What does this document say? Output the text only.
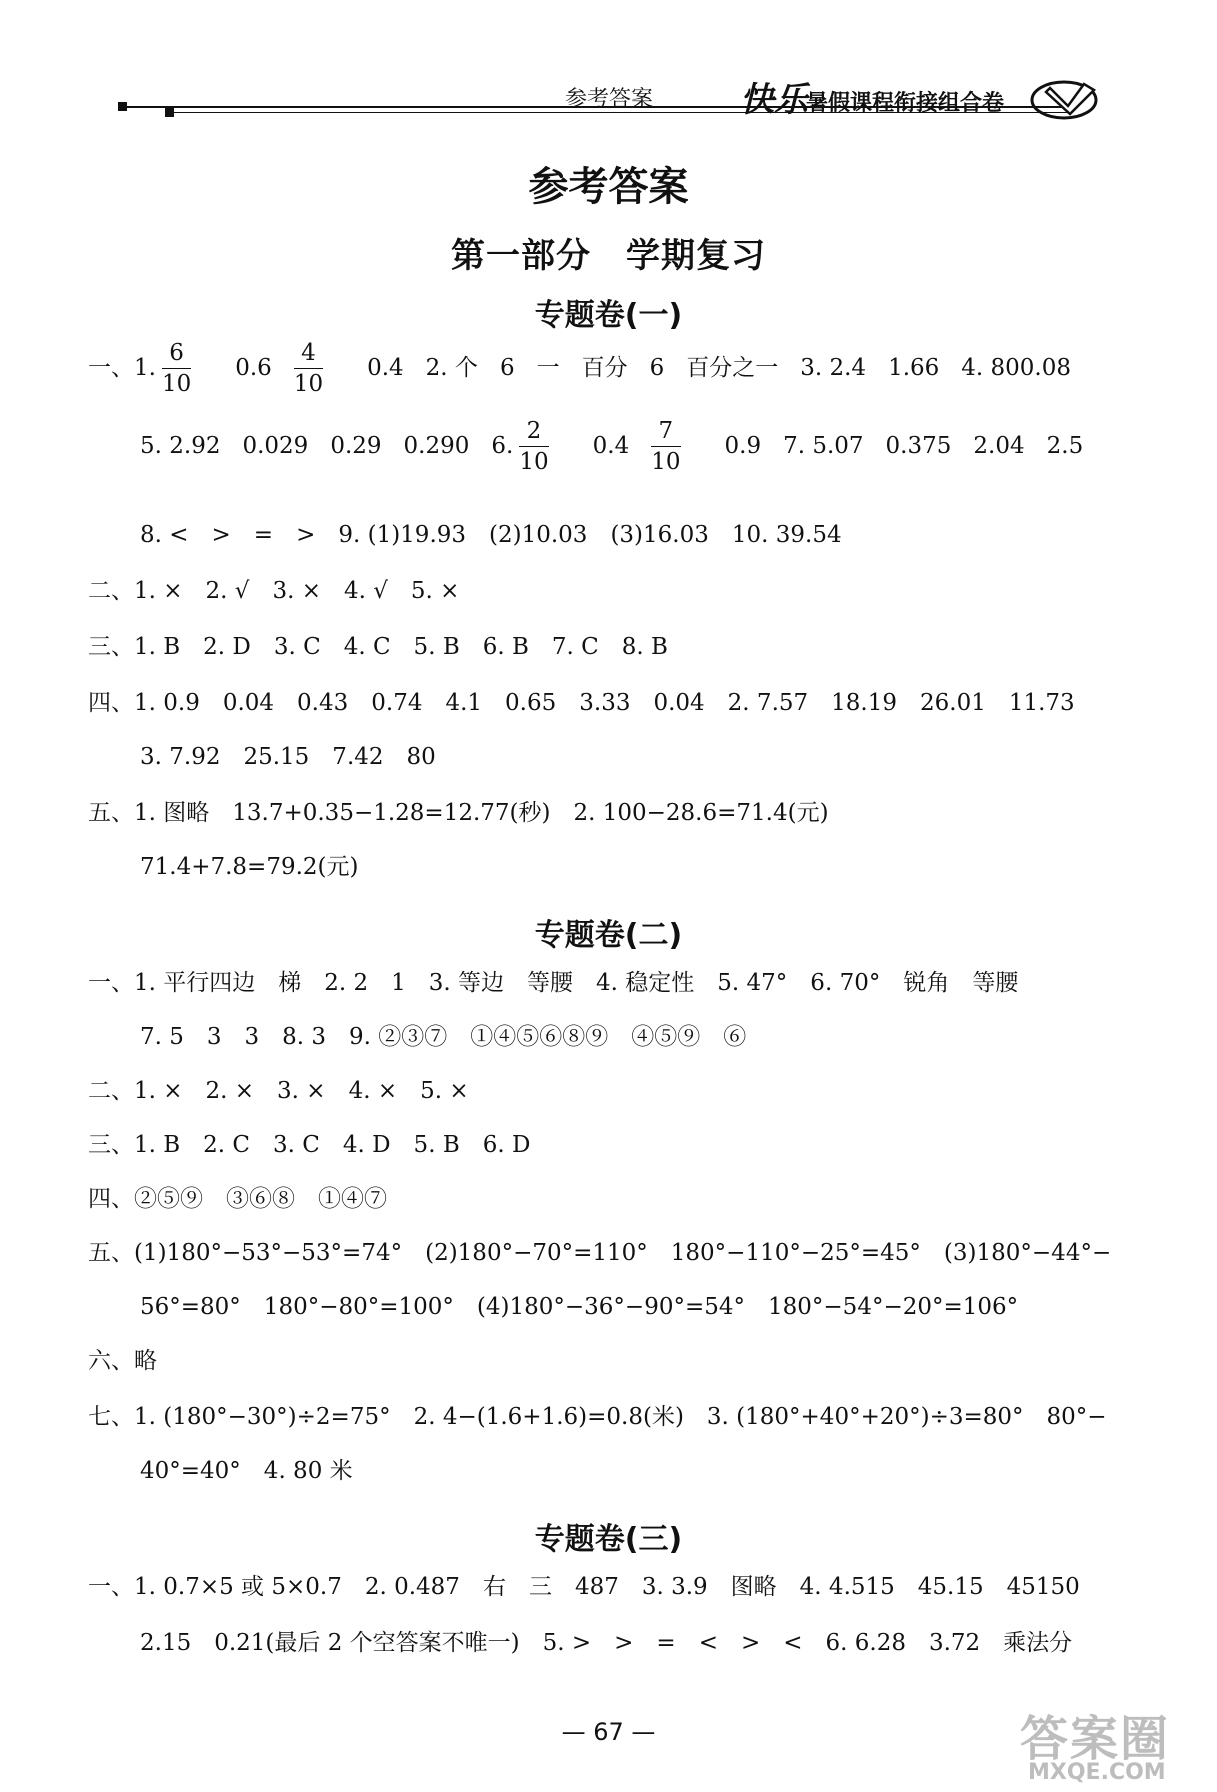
参考答案	快乐
暑假课程衔接组合卷
参考答案
第一部分　学期复习
专题卷(一)
一、1. $\frac{6}{10} 0.6 \frac{4}{10} 0.4$ 2. 个 6 一 百分 6 百分之一 3. 2.4 1.66 4. 800.08
5. 2.92 0.029 0.29 0.290 6. $\frac{2}{10} 0.4 \frac{7}{10} 0.9$ 7. 5.07 0.375 2.04 2.5
8. <　>　=　>　9. (1)19.93　(2)10.03　(3)16.03　10. 39.54
二、1. ×　2. √　3. ×　4. √　5. ×
三、1. B　2. D　3. C　4. C　5. B　6. B　7. C　8. B
四、1. 0.9　0.04　0.43　0.74　4.1　0.65　3.33　0.04　2. 7.57　18.19　26.01　11.73
3. 7.92　25.15　7.42　80
五、1. 图略　13.7+0.35−1.28=12.77(秒)　2. 100−28.6=71.4(元)
71.4+7.8=79.2(元)
专题卷(二)
一、1. 平行四边　梯　2. 2　1　3. 等边　等腰　4. 稳定性　5. 47°　6. 70°　锐角　等腰
7. 5　3　3　8. 3　9. ②③⑦　①④⑤⑥⑧⑨　④⑤⑨　⑥
二、1. ×　2. ×　3. ×　4. ×　5. ×
三、1. B　2. C　3. C　4. D　5. B　6. D
四、②⑤⑨　③⑥⑧　①④⑦
五、(1)180°−53°−53°=74°　(2)180°−70°=110°　180°−110°−25°=45°　(3)180°−44°−
56°=80°　180°−80°=100°　(4)180°−36°−90°=54°　180°−54°−20°=106°
六、略
七、1. (180°−30°)÷2=75°　2. 4−(1.6+1.6)=0.8(米)　3. (180°+40°+20°)÷3=80°　80°−
40°=40°　4. 80 米
专题卷(三)
一、1. 0.7×5 或 5×0.7　2. 0.487　右　三　487　3. 3.9　图略　4. 4.515　45.15　45150
2.15　0.21(最后 2 个空答案不唯一)　5. >　>　=　<　>　<　6. 6.28　3.72　乘法分
— 67 —	答案圈
MXQE.COM
